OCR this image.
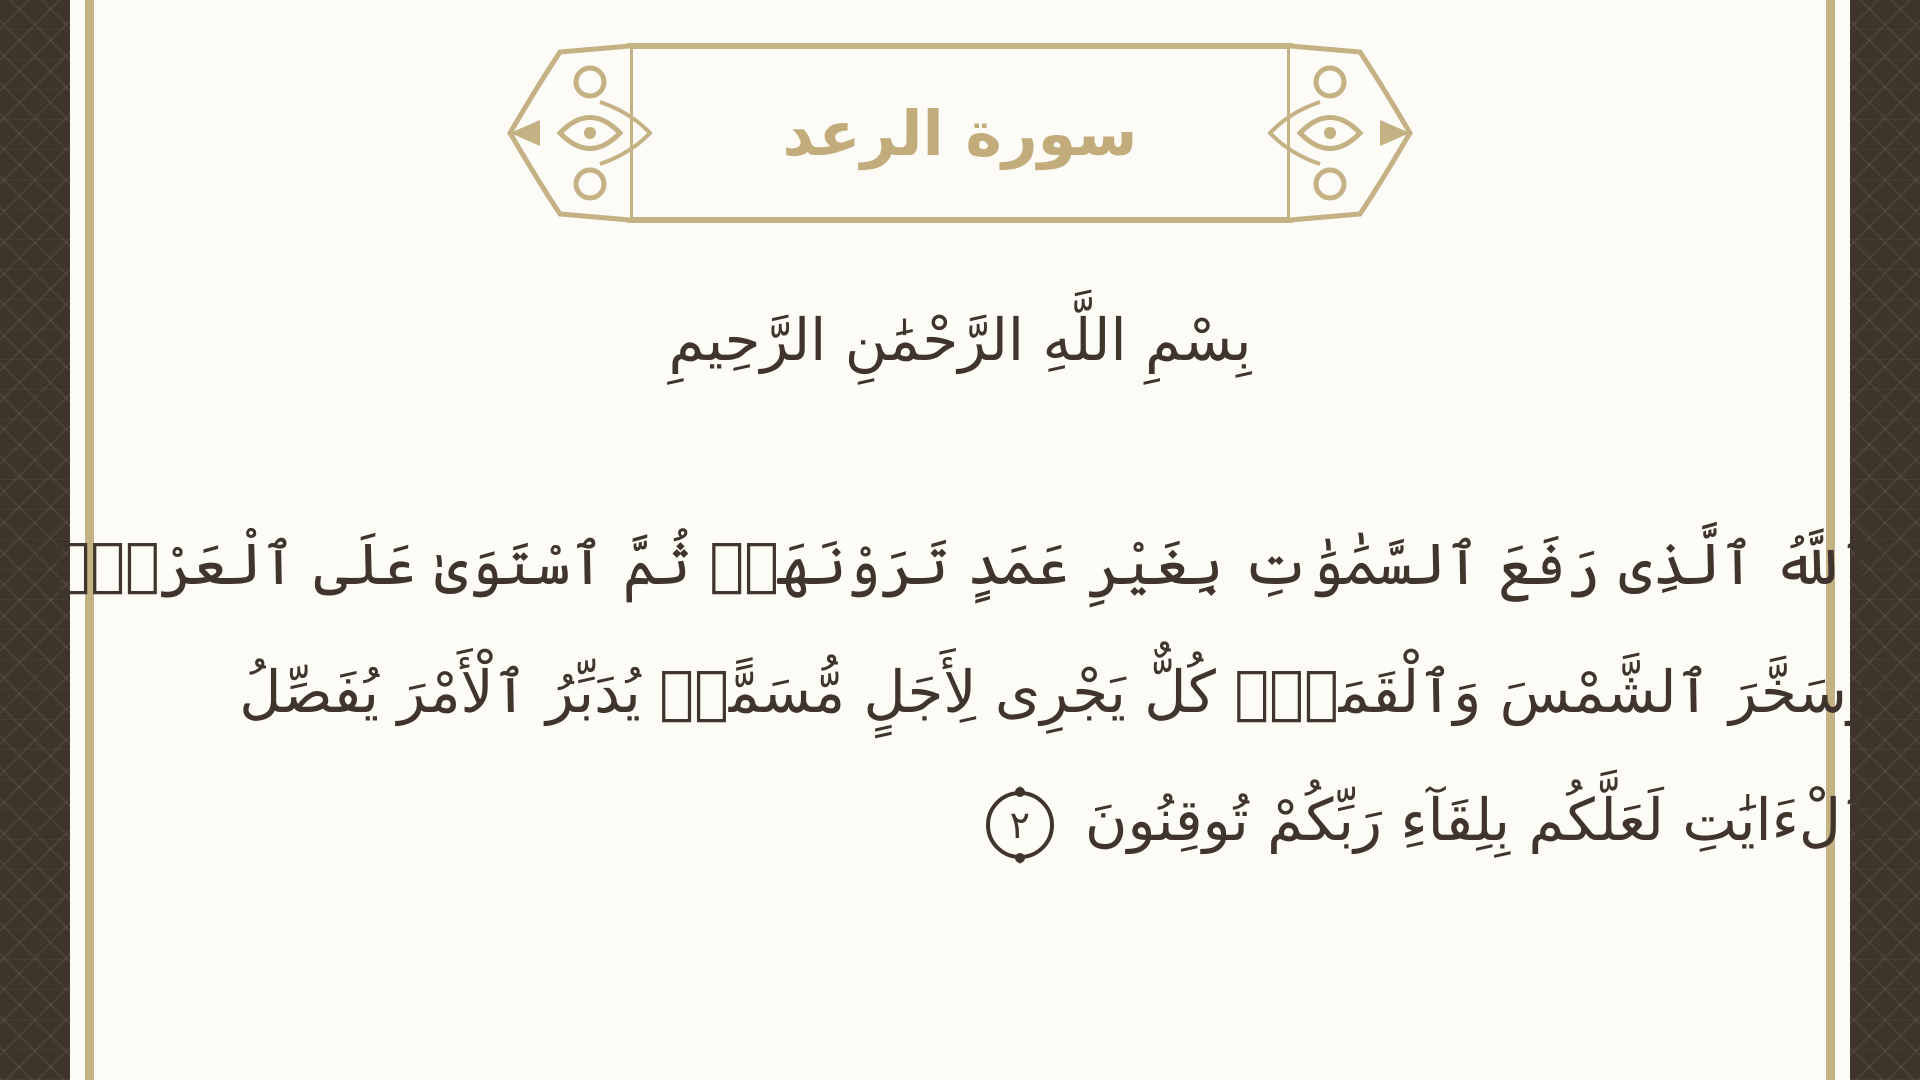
سورة الرعد
بِسْمِ اللَّهِ الرَّحْمَٰنِ الرَّحِيمِ
ٱللَّهُ ٱلَّذِى رَفَعَ ٱلسَّمَٰوَٰتِ بِغَيْرِ عَمَدٍ تَرَوْنَهَاۖ ثُمَّ ٱسْتَوَىٰ عَلَى ٱلْعَرْشِۖ
وَسَخَّرَ ٱلشَّمْسَ وَٱلْقَمَرَۖ كُلٌّ يَجْرِى لِأَجَلٍ مُّسَمًّىۚ يُدَبِّرُ ٱلْأَمْرَ يُفَصِّلُ
ٱلْءَايَٰتِ لَعَلَّكُم بِلِقَآءِ رَبِّكُمْ تُوقِنُونَ
٢
